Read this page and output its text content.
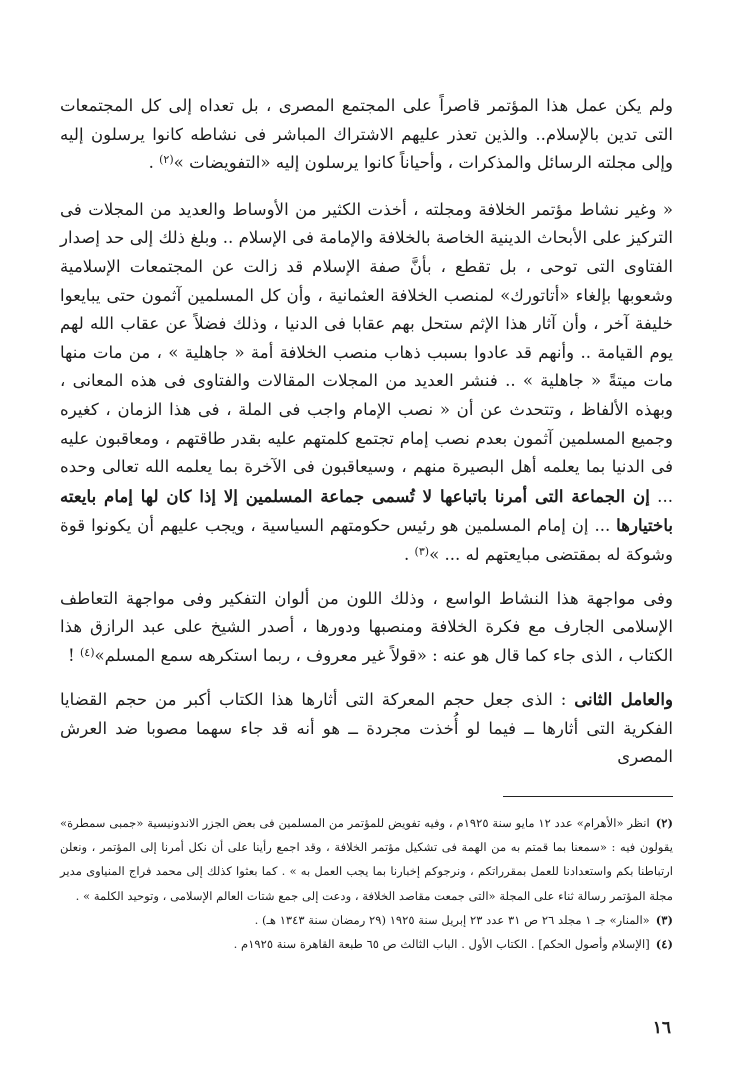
ولم يكن عمل هذا المؤتمر قاصراً على المجتمع المصرى ، بل تعداه إلى كل المجتمعات التى تدين بالإسلام.. والذين تعذر عليهم الاشتراك المباشر فى نشاطه كانوا يرسلون إليه وإلى مجلته الرسائل والمذكرات ، وأحياناً كانوا يرسلون إليه «التفويضات »$^{(٢)}$ .

« وغير نشاط مؤتمر الخلافة ومجلته ، أخذت الكثير من الأوساط والعديد من المجلات فى التركيز على الأبحاث الدينية الخاصة بالخلافة والإمامة فى الإسلام .. وبلغ ذلك إلى حد إصدار الفتاوى التى توحى ، بل تقطع ، بأنَّ صفة الإسلام قد زالت عن المجتمعات الإسلامية وشعوبها بإلغاء «أتاتورك» لمنصب الخلافة العثمانية ، وأن كل المسلمين آثمون حتى يبايعوا خليفة آخر ، وأن آثار هذا الإثم ستحل بهم عقابا فى الدنيا ، وذلك فضلاً عن عقاب الله لهم يوم القيامة .. وأنهم قد عادوا بسبب ذهاب منصب الخلافة أمة « جاهلية » ، من مات منها مات ميتةً « جاهلية » .. فنشر العديد من المجلات المقالات والفتاوى فى هذه المعانى ، وبهذه الألفاظ ، وتتحدث عن أن « نصب الإمام واجب فى الملة ، فى هذا الزمان ، كغيره وجميع المسلمين آثمون بعدم نصب إمام تجتمع كلمتهم عليه بقدر طاقتهم ، ومعاقبون عليه فى الدنيا بما يعلمه أهل البصيرة منهم ، وسيعاقبون فى الآخرة بما يعلمه الله تعالى وحده ... إن الجماعة التى أمرنا باتباعها لا تُسمى جماعة المسلمين إلا إذا كان لها إمام بايعته باختيارها ... إن إمام المسلمين هو رئيس حكومتهم السياسية ، ويجب عليهم أن يكونوا قوة وشوكة له بمقتضى مبايعتهم له ... »$^{(٣)}$ .

وفى مواجهة هذا النشاط الواسع ، وذلك اللون من ألوان التفكير وفى مواجهة التعاطف الإسلامى الجارف مع فكرة الخلافة ومنصبها ودورها ، أصدر الشيخ على عبد الرازق هذا الكتاب ، الذى جاء كما قال هو عنه : «قولاً غير معروف ، ربما استكرهه سمع المسلم»$^{(٤)}$ !

والعامل الثانى : الذى جعل حجم المعركة التى أثارها هذا الكتاب أكبر من حجم القضايا الفكرية التى أثارها ــ فيما لو أُخذت مجردة ــ هو أنه قد جاء سهما مصوبا ضد العرش المصرى

(٢)انظر «الأهرام» عدد ١٢ مايو سنة ١٩٢٥م ، وفيه تفويض للمؤتمر من المسلمين فى بعض الجزر الاندونيسية «جمبى سمطرة» يقولون فيه : «سمعنا بما قمتم به من الهمة فى تشكيل مؤتمر الخلافة ، وقد اجمع رأينا على أن نكل أمرنا إلى المؤتمر ، ونعلن ارتباطنا بكم واستعدادنا للعمل بمقرراتكم ، ونرجوكم إخبارنا بما يجب العمل به » . كما بعثوا كذلك إلى محمد فراج المنياوى مدير مجلة المؤتمر رسالة ثناء على المجلة «التى جمعت مقاصد الخلافة ، ودعت إلى جمع شتات العالم الإسلامى ، وتوحيد الكلمة » .

(٣)«المنار» جـ ١ مجلد ٢٦ ص ٣١ عدد ٢٣ إبريل سنة ١٩٢٥ (٢٩ رمضان سنة ١٣٤٣ هـ) .

(٤)[الإسلام وأصول الحكم] . الكتاب الأول . الباب الثالث ص ٦٥ طبعة القاهرة سنة ١٩٢٥م .

١٦
